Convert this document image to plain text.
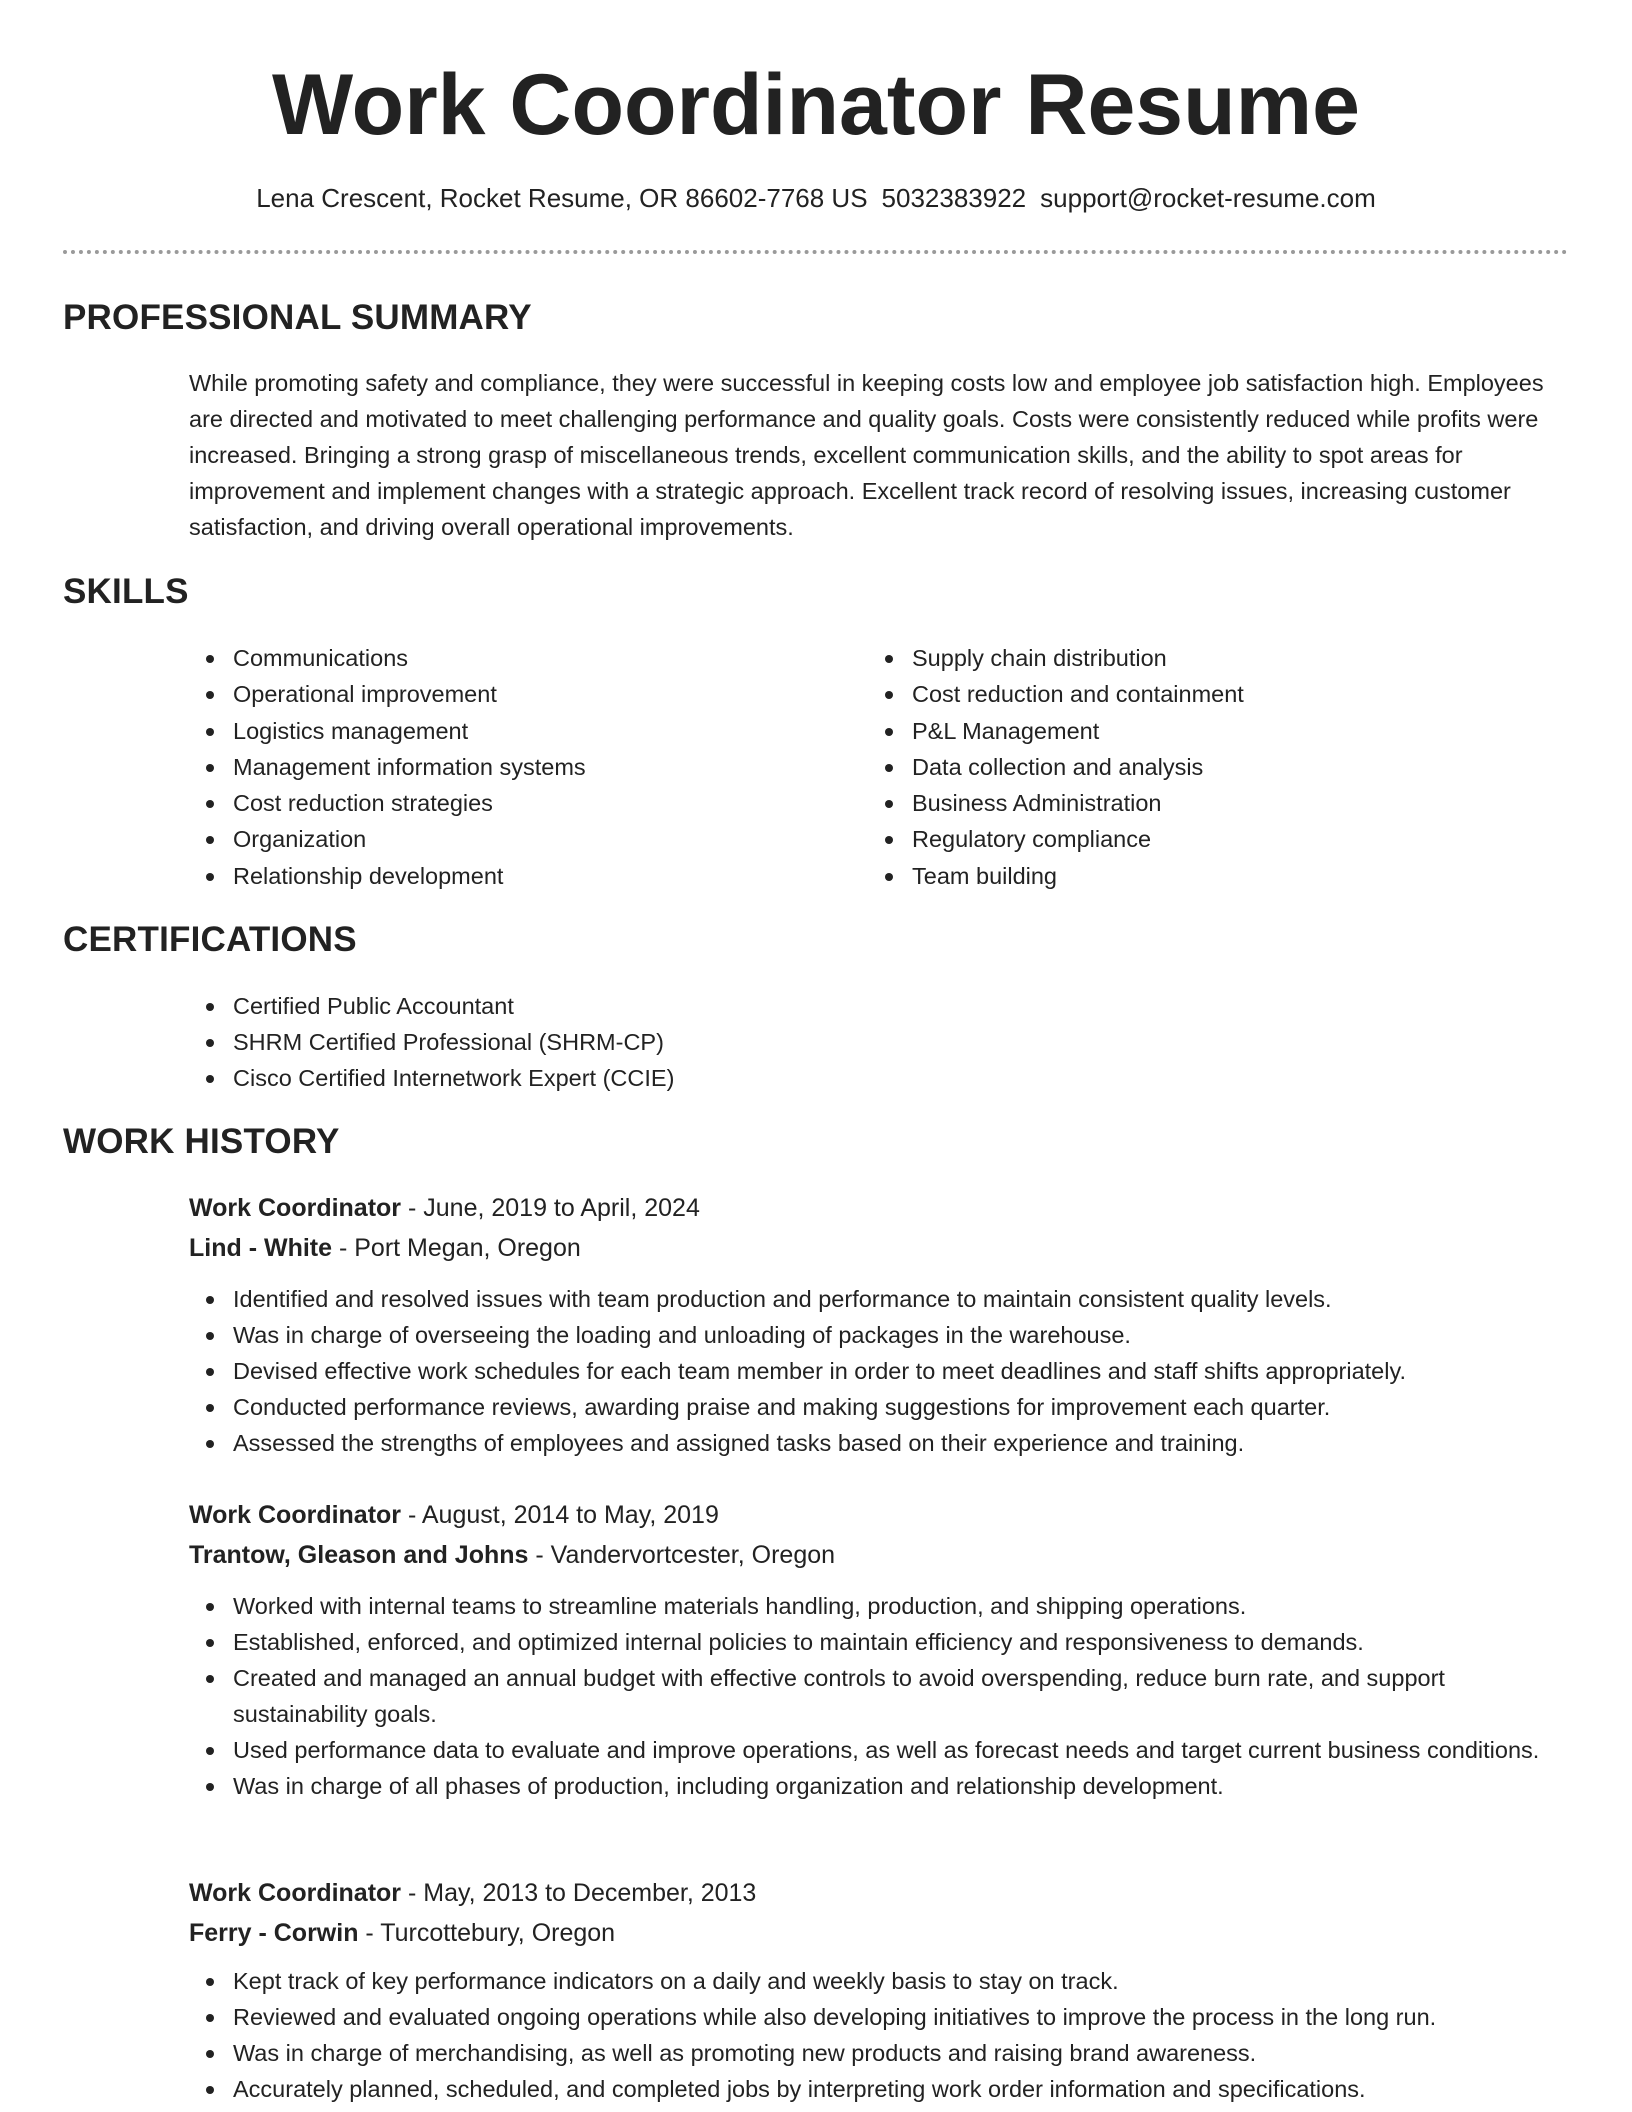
Work Coordinator Resume
Lena Crescent, Rocket Resume, OR 86602-7768 US 5032383922 support@rocket-resume.com
PROFESSIONAL SUMMARY

While promoting safety and compliance, they were successful in keeping costs low and employee job satisfaction high. Employees are directed and motivated to meet challenging performance and quality goals. Costs were consistently reduced while profits were increased. Bringing a strong grasp of miscellaneous trends, excellent communication skills, and the ability to spot areas for improvement and implement changes with a strategic approach. Excellent track record of resolving issues, increasing customer satisfaction, and driving overall operational improvements.

SKILLS
Communications
Operational improvement
Logistics management
Management information systems
Cost reduction strategies
Organization
Relationship development
Supply chain distribution
Cost reduction and containment
P&L Management
Data collection and analysis
Business Administration
Regulatory compliance
Team building
CERTIFICATIONS
Certified Public Accountant
SHRM Certified Professional (SHRM-CP)
Cisco Certified Internetwork Expert (CCIE)
WORK HISTORY
Work Coordinator - June, 2019 to April, 2024
Lind - White - Port Megan, Oregon
Identified and resolved issues with team production and performance to maintain consistent quality levels.
Was in charge of overseeing the loading and unloading of packages in the warehouse.
Devised effective work schedules for each team member in order to meet deadlines and staff shifts appropriately.
Conducted performance reviews, awarding praise and making suggestions for improvement each quarter.
Assessed the strengths of employees and assigned tasks based on their experience and training.
Work Coordinator - August, 2014 to May, 2019
Trantow, Gleason and Johns - Vandervortcester, Oregon
Worked with internal teams to streamline materials handling, production, and shipping operations.
Established, enforced, and optimized internal policies to maintain efficiency and responsiveness to demands.
Created and managed an annual budget with effective controls to avoid overspending, reduce burn rate, and support sustainability goals.
Used performance data to evaluate and improve operations, as well as forecast needs and target current business conditions.
Was in charge of all phases of production, including organization and relationship development.
Work Coordinator - May, 2013 to December, 2013
Ferry - Corwin - Turcottebury, Oregon
Kept track of key performance indicators on a daily and weekly basis to stay on track.
Reviewed and evaluated ongoing operations while also developing initiatives to improve the process in the long run.
Was in charge of merchandising, as well as promoting new products and raising brand awareness.
Accurately planned, scheduled, and completed jobs by interpreting work order information and specifications.
